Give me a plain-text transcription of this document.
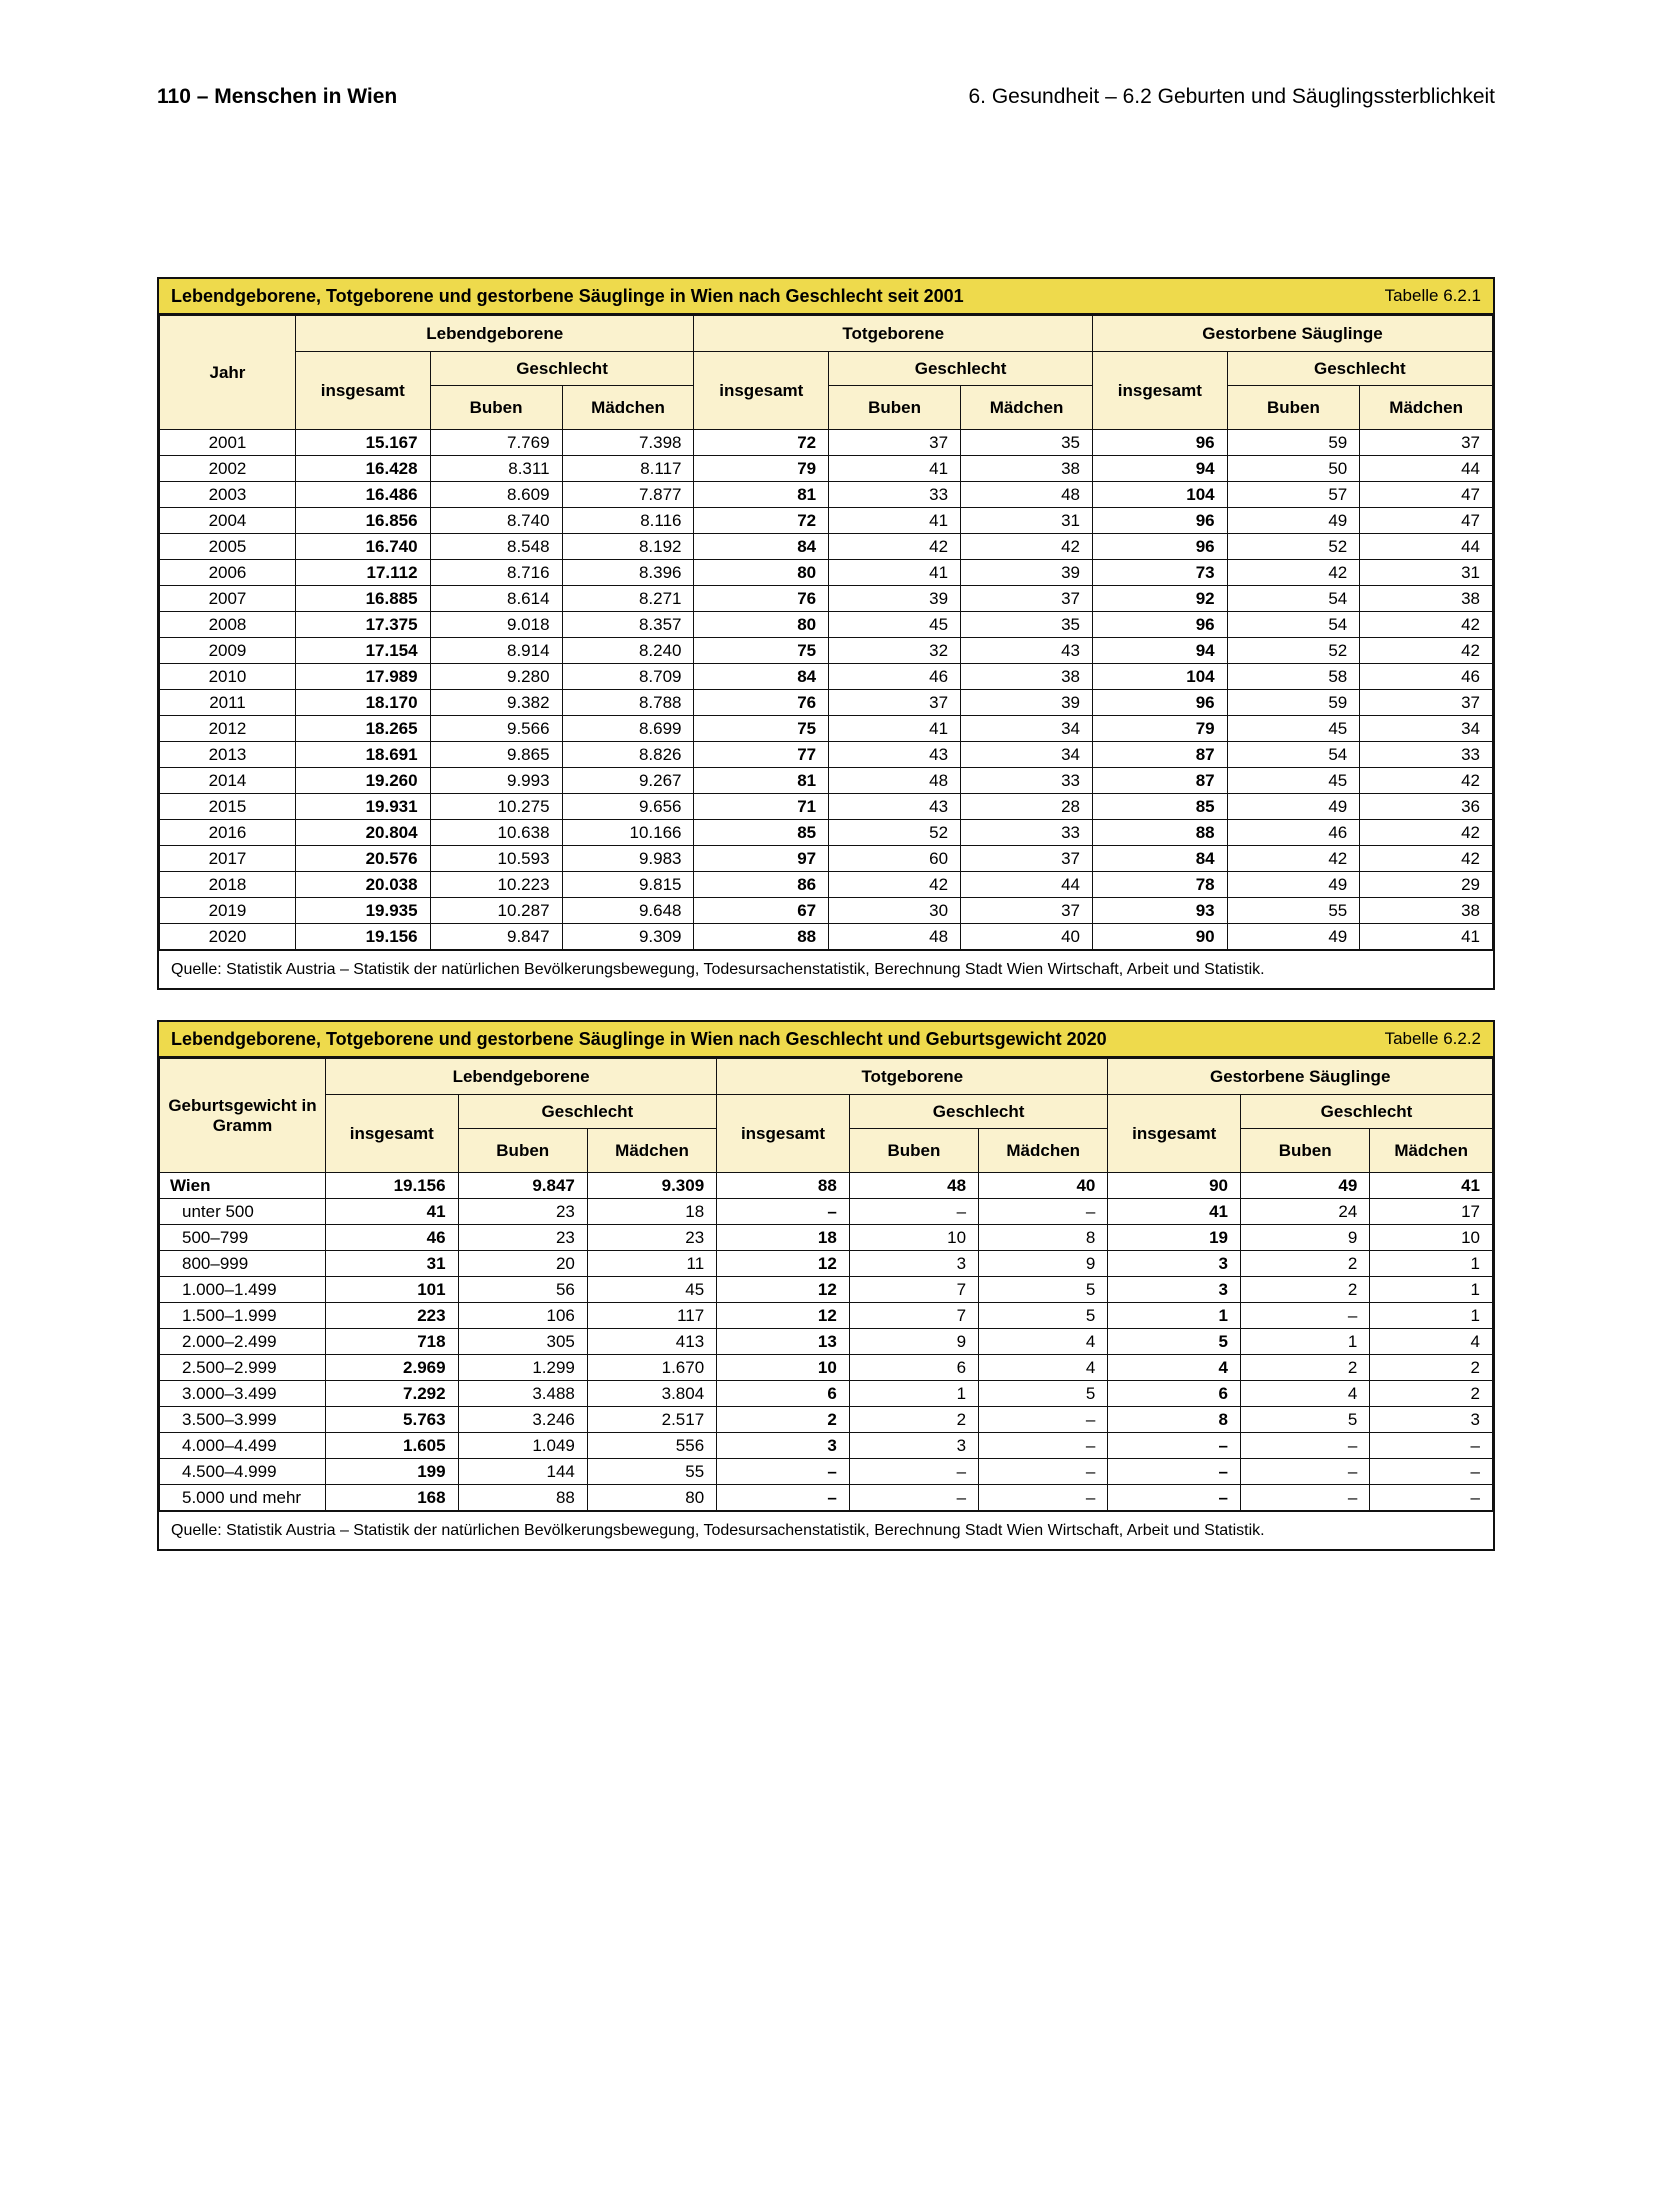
110 – Menschen in Wien	6. Gesundheit – 6.2 Geburten und Säuglingssterblichkeit
Lebendgeborene, Totgeborene und gestorbene Säuglinge in Wien nach Geschlecht seit 2001	Tabelle 6.2.1
Jahr	Lebendgeborene			Totgeborene			Gestorbene Säuglinge		
	insgesamt	Geschlecht		insgesamt	Geschlecht		insgesamt	Geschlecht	
		Buben	Mädchen		Buben	Mädchen		Buben	Mädchen
2001	15.167	7.769	7.398	72	37	35	96	59	37
2002	16.428	8.311	8.117	79	41	38	94	50	44
2003	16.486	8.609	7.877	81	33	48	104	57	47
2004	16.856	8.740	8.116	72	41	31	96	49	47
2005	16.740	8.548	8.192	84	42	42	96	52	44
2006	17.112	8.716	8.396	80	41	39	73	42	31
2007	16.885	8.614	8.271	76	39	37	92	54	38
2008	17.375	9.018	8.357	80	45	35	96	54	42
2009	17.154	8.914	8.240	75	32	43	94	52	42
2010	17.989	9.280	8.709	84	46	38	104	58	46
2011	18.170	9.382	8.788	76	37	39	96	59	37
2012	18.265	9.566	8.699	75	41	34	79	45	34
2013	18.691	9.865	8.826	77	43	34	87	54	33
2014	19.260	9.993	9.267	81	48	33	87	45	42
2015	19.931	10.275	9.656	71	43	28	85	49	36
2016	20.804	10.638	10.166	85	52	33	88	46	42
2017	20.576	10.593	9.983	97	60	37	84	42	42
2018	20.038	10.223	9.815	86	42	44	78	49	29
2019	19.935	10.287	9.648	67	30	37	93	55	38
2020	19.156	9.847	9.309	88	48	40	90	49	41
Quelle: Statistik Austria – Statistik der natürlichen Bevölkerungsbewegung, Todesursachenstatistik, Berechnung Stadt Wien Wirtschaft, Arbeit und Statistik.
Lebendgeborene, Totgeborene und gestorbene Säuglinge in Wien nach Geschlecht und Geburtsgewicht 2020	Tabelle 6.2.2
Geburtsgewicht in Gramm	Lebendgeborene			Totgeborene			Gestorbene Säuglinge		
	insgesamt	Geschlecht		insgesamt	Geschlecht		insgesamt	Geschlecht	
		Buben	Mädchen		Buben	Mädchen		Buben	Mädchen
Wien	19.156	9.847	9.309	88	48	40	90	49	41
unter 500	41	23	18	–	–	–	41	24	17
500–799	46	23	23	18	10	8	19	9	10
800–999	31	20	11	12	3	9	3	2	1
1.000–1.499	101	56	45	12	7	5	3	2	1
1.500–1.999	223	106	117	12	7	5	1	–	1
2.000–2.499	718	305	413	13	9	4	5	1	4
2.500–2.999	2.969	1.299	1.670	10	6	4	4	2	2
3.000–3.499	7.292	3.488	3.804	6	1	5	6	4	2
3.500–3.999	5.763	3.246	2.517	2	2	–	8	5	3
4.000–4.499	1.605	1.049	556	3	3	–	–	–	–
4.500–4.999	199	144	55	–	–	–	–	–	–
5.000 und mehr	168	88	80	–	–	–	–	–	–
Quelle: Statistik Austria – Statistik der natürlichen Bevölkerungsbewegung, Todesursachenstatistik, Berechnung Stadt Wien Wirtschaft, Arbeit und Statistik.
